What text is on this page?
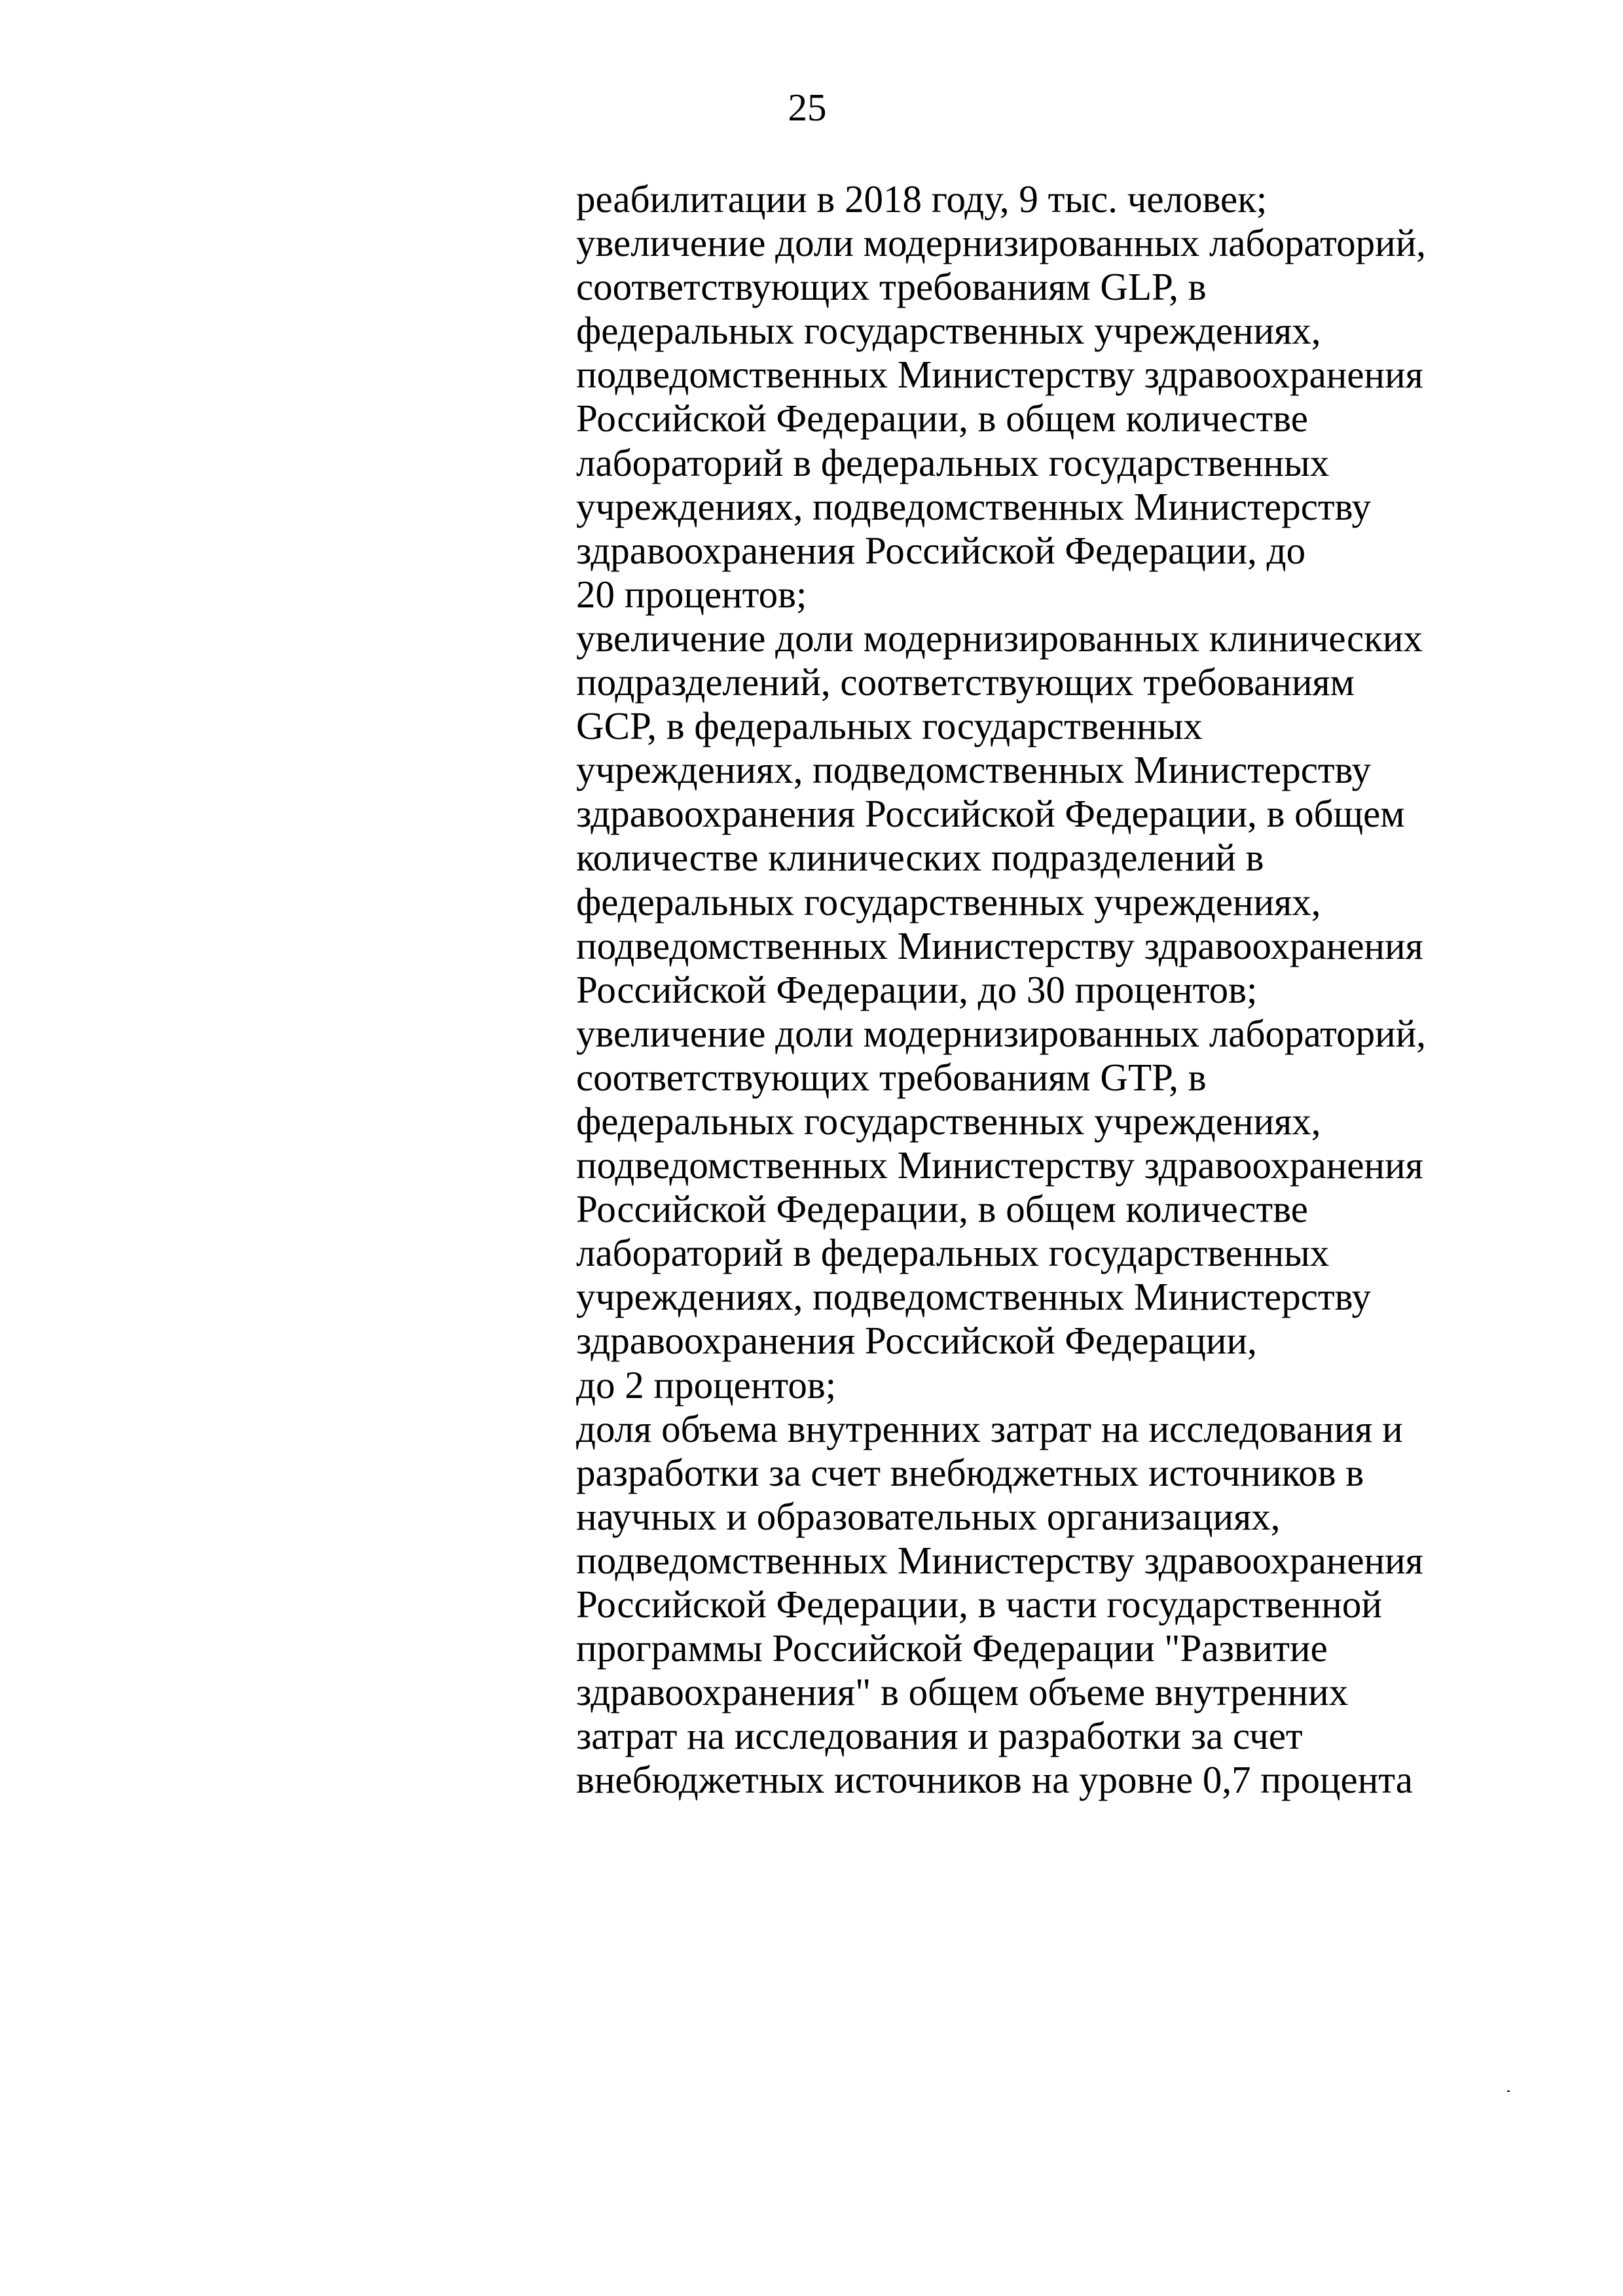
25
реабилитации в 2018 году, 9 тыс. человек;
увеличение доли модернизированных лабораторий,
соответствующих требованиям GLP, в
федеральных государственных учреждениях,
подведомственных Министерству здравоохранения
Российской Федерации, в общем количестве
лабораторий в федеральных государственных
учреждениях, подведомственных Министерству
здравоохранения Российской Федерации, до
20 процентов;
увеличение доли модернизированных клинических
подразделений, соответствующих требованиям
GCP, в федеральных государственных
учреждениях, подведомственных Министерству
здравоохранения Российской Федерации, в общем
количестве клинических подразделений в
федеральных государственных учреждениях,
подведомственных Министерству здравоохранения
Российской Федерации, до 30 процентов;
увеличение доли модернизированных лабораторий,
соответствующих требованиям GTP, в
федеральных государственных учреждениях,
подведомственных Министерству здравоохранения
Российской Федерации, в общем количестве
лабораторий в федеральных государственных
учреждениях, подведомственных Министерству
здравоохранения Российской Федерации,
до 2 процентов;
доля объема внутренних затрат на исследования и
разработки за счет внебюджетных источников в
научных и образовательных организациях,
подведомственных Министерству здравоохранения
Российской Федерации, в части государственной
программы Российской Федерации "Развитие
здравоохранения" в общем объеме внутренних
затрат на исследования и разработки за счет
внебюджетных источников на уровне 0,7 процента
